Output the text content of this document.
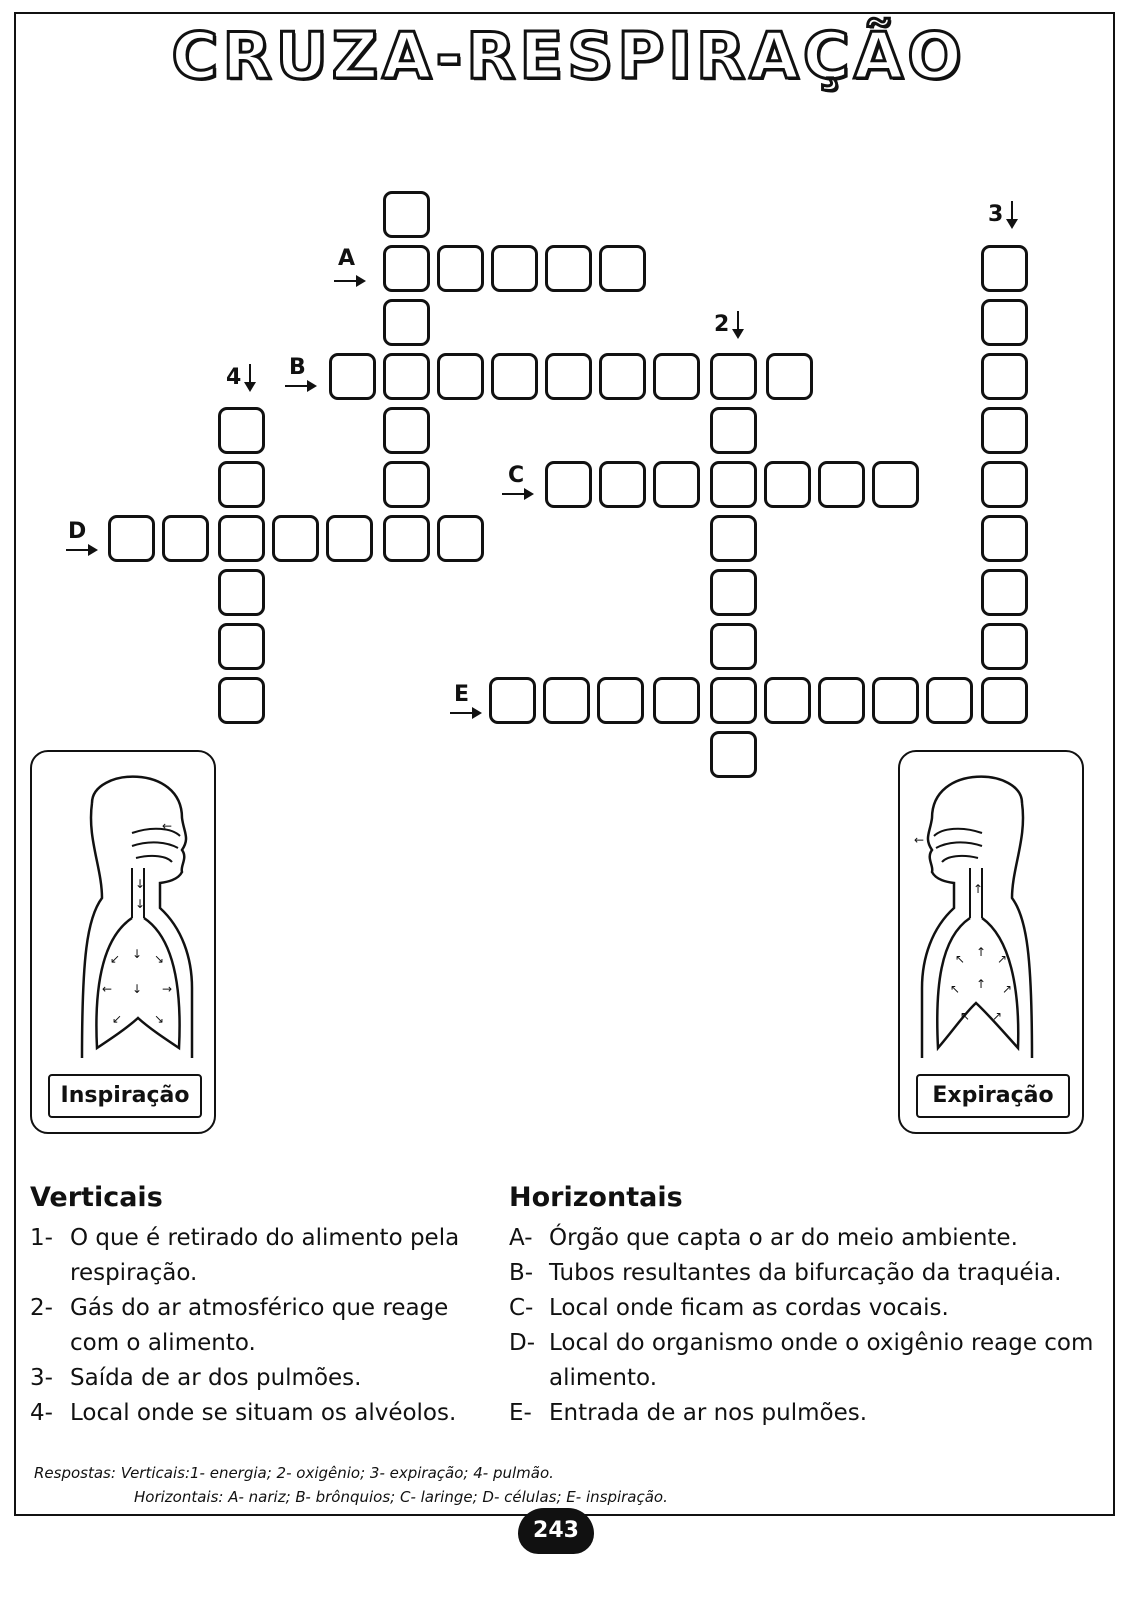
CRUZA-RESPIRAÇÃO
A
B
C
D
E
2
3
4
↙ ↓ ↘
← ↓ →
↙	↘
↓
↓
←
Inspiração
↖ ↑ ↗
↖ ↑ ↗
↖ ↗
↑
←
Expiração
Verticais
1- O que é retirado do alimento pela respiração.
2- Gás do ar atmosférico que reage com o alimento.
3- Saída de ar dos pulmões.
4- Local onde se situam os alvéolos.
Horizontais
A- Órgão que capta o ar do meio ambiente.
B- Tubos resultantes da bifurcação da traquéia.
C- Local onde ficam as cordas vocais.
D- Local do organismo onde o oxigênio reage com alimento.
E- Entrada de ar nos pulmões.
Respostas: Verticais:1- energia; 2- oxigênio; 3- expiração; 4- pulmão.
Horizontais: A- nariz; B- brônquios; C- laringe; D- células; E- inspiração.
243
